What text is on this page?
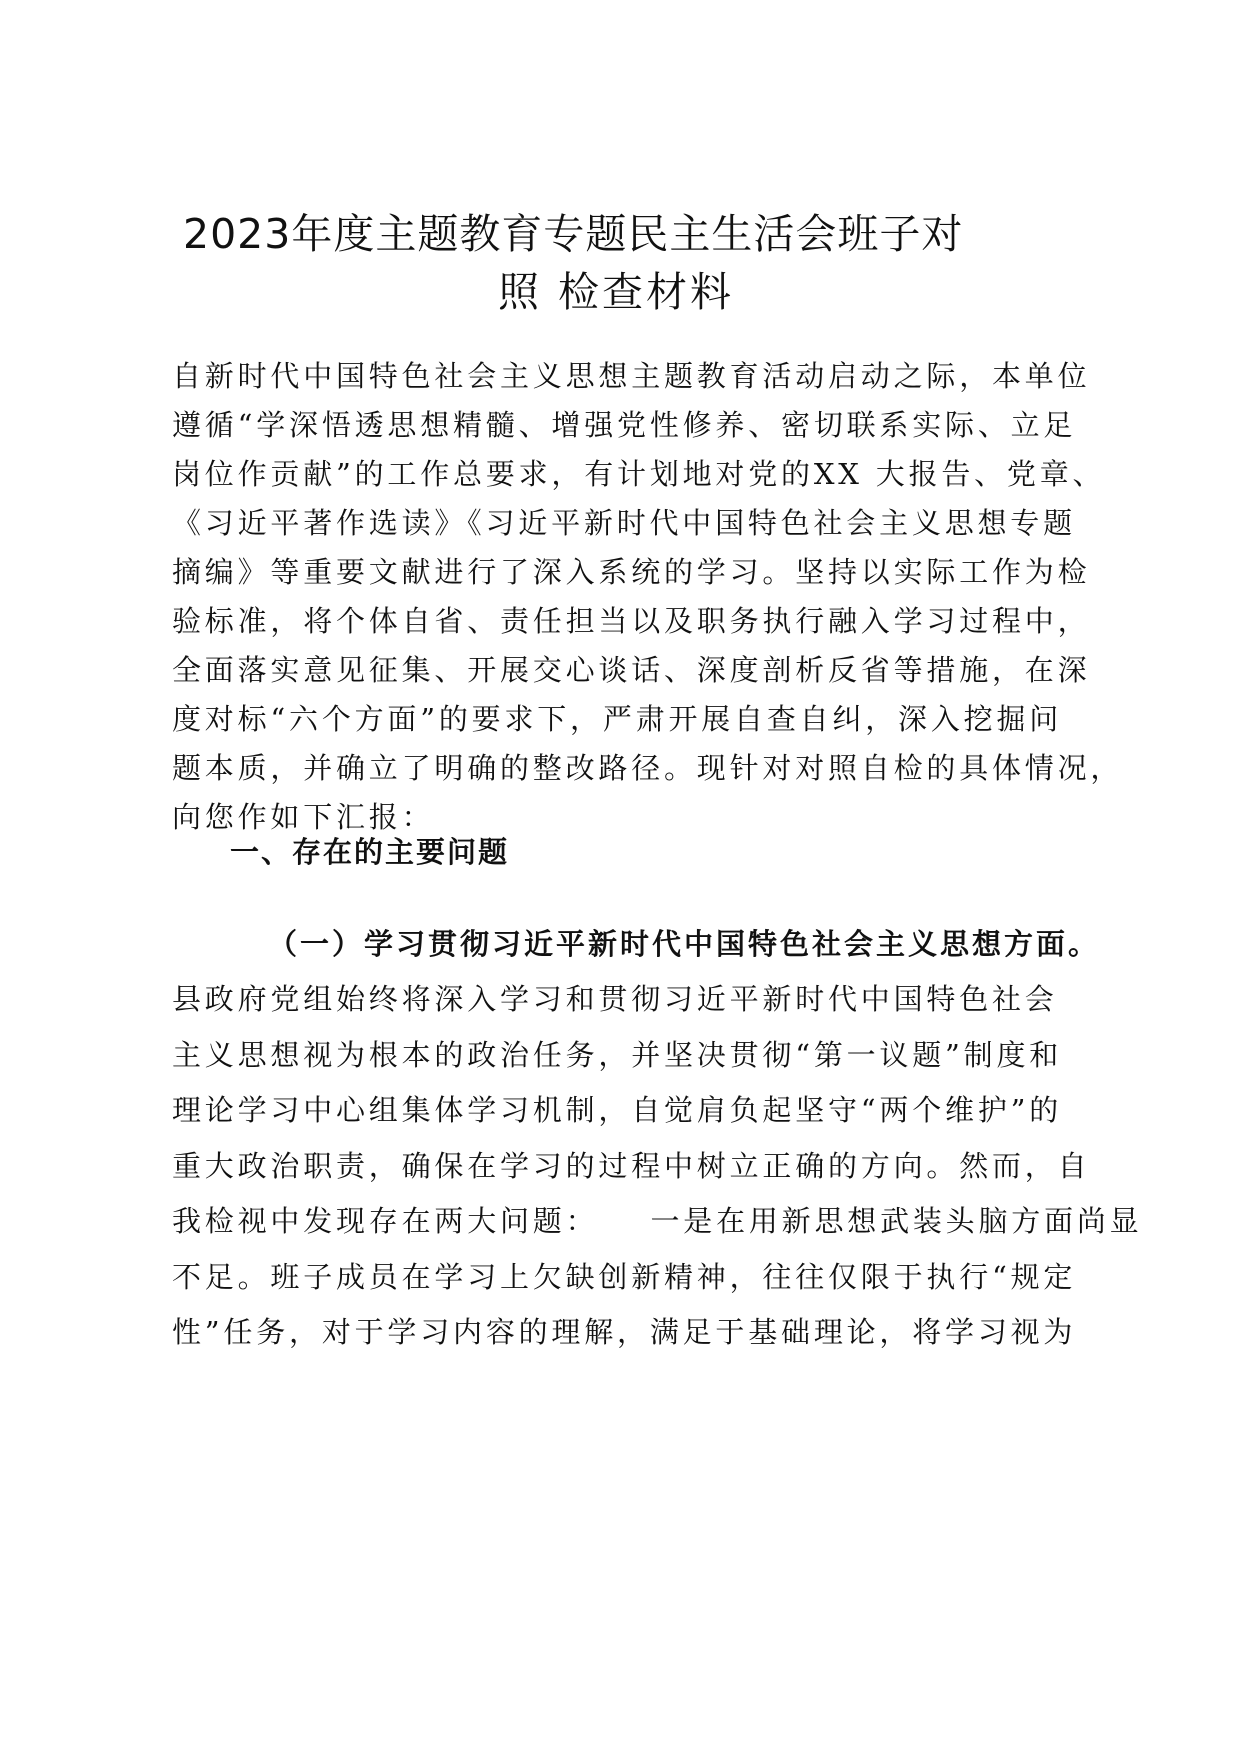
2023年度主题教育专题民主生活会班子对
照 检查材料
自新时代中国特色社会主义思想主题教育活动启动之际，本单位
遵循“学深悟透思想精髓、增强党性修养、密切联系实际、立足
岗位作贡献”的工作总要求，有计划地对党的XX 大报告、党章、
《习近平著作选读》《习近平新时代中国特色社会主义思想专题
摘编》等重要文献进行了深入系统的学习。坚持以实际工作为检
验标准，将个体自省、责任担当以及职务执行融入学习过程中，
全面落实意见征集、开展交心谈话、深度剖析反省等措施，在深
度对标“六个方面”的要求下，严肃开展自查自纠，深入挖掘问
题本质，并确立了明确的整改路径。现针对对照自检的具体情况，
向您作如下汇报：
一、存在的主要问题
（一）学习贯彻习近平新时代中国特色社会主义思想方面。
县政府党组始终将深入学习和贯彻习近平新时代中国特色社会
主义思想视为根本的政治任务，并坚决贯彻“第一议题”制度和
理论学习中心组集体学习机制，自觉肩负起坚守“两个维护”的
重大政治职责，确保在学习的过程中树立正确的方向。然而，自
我检视中发现存在两大问题：    一是在用新思想武装头脑方面尚显
不足。班子成员在学习上欠缺创新精神，往往仅限于执行“规定
性”任务，对于学习内容的理解，满足于基础理论，将学习视为
